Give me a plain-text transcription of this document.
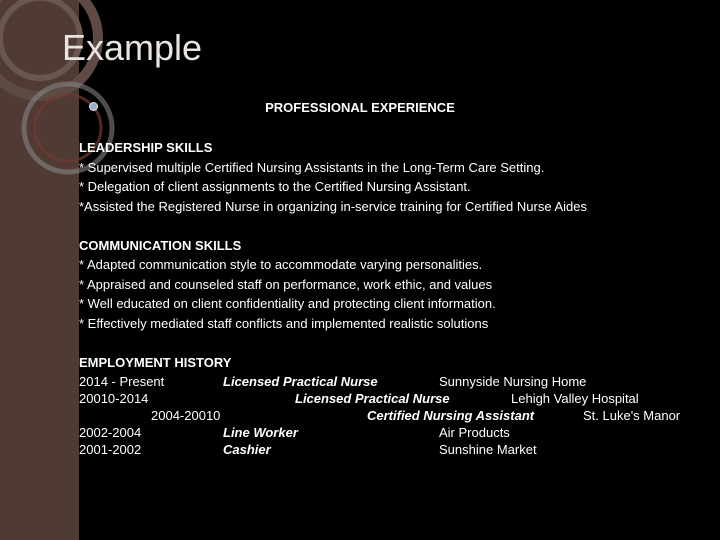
Example
PROFESSIONAL EXPERIENCE
LEADERSHIP SKILLS
* Supervised multiple Certified Nursing Assistants in the Long-Term Care Setting.
* Delegation of client assignments to the Certified Nursing Assistant.
*Assisted the Registered Nurse in organizing in-service training for Certified Nurse Aides
COMMUNICATION SKILLS
* Adapted communication style to accommodate varying personalities.
* Appraised and counseled staff on performance, work ethic, and values
* Well educated on client confidentiality and protecting client information.
* Effectively mediated staff conflicts and implemented realistic solutions
EMPLOYMENT HISTORY
2014 - Present	Licensed Practical Nurse	Sunnyside Nursing Home
20010-2014	Licensed Practical Nurse	Lehigh Valley Hospital
2004-20010	Certified Nursing Assistant	St. Luke's Manor
2002-2004	Line Worker	Air Products
2001-2002	Cashier	Sunshine Market
